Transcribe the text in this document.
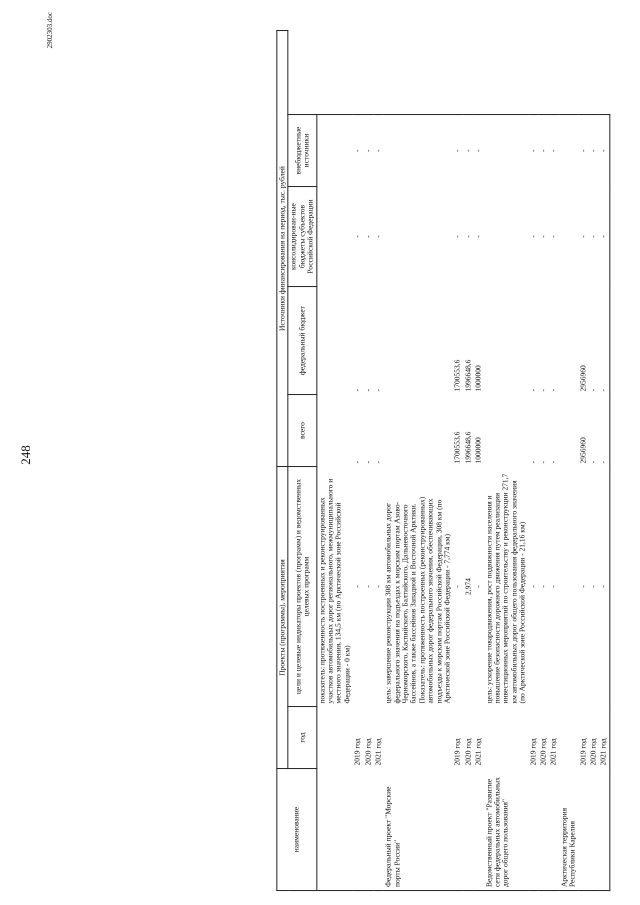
248
2902303.doc
наименование	Проекты (программы), мероприятия		Источники финансирования на период, тыс. рублей			
	год	цели и целевые индикаторы проектов (программ) и ведомственных целевых программ	всего	федеральный бюджет	консолидирован-ные бюджеты субъектов Российской Федерации	внебюджетные источники
		показатель: протяженность построенных и реконструированных участков автомобильных дорог регионального, межмуниципального и местного значения, 134,5 км (по Арктической зоне Российской Федерации - 0 км)				
	2019 год	-	-	-	-	-
	2020 год	-	-	-	-	-
	2021 год	-	-	-	-	-
Федеральный проект "Морские порты России"		цель: завершение реконструкции 308 км автомобильных дорог федерального значения на подъездах к морским портам Азово-Черноморского, Каспийского, Балтийского, Дальневосточного бассейнов, а также бассейнов Западной и Восточной Арктики. Показатель: протяженность построенных (реконструированных) автомобильных дорог федерального значения, обеспечивающих подъезды к морским портам Российской Федерации, 308 км (по Арктической зоне Российской Федерации - 7,774 км)				
	2019 год	-	1700553,6	1700553,6	-	-
	2020 год	2,974	1996648,6	1996648,6	-	-
	2021 год	-	1000000	1000000	-	-
Ведомственный проект "Развитие сети федеральных автомобильных дорог общего пользования"		цель: ускорение товародвижения, рост подвижности населения и повышение безопасности дорожного движения путем реализации инвестиционных мероприятий по строительству и реконструкции 271,7 км автомобильных дорог общего пользования федерального значения (по Арктической зоне Российской Федерации - 21,16 км)				
	2019 год	-	-	-	-	-
	2020 год	-	-	-	-	-
	2021 год	-	-	-	-	-
Арктическая территория Республики Карелия						
	2019 год	-	2956960	2956960	-	-
	2020 год	-	-	-	-	-
	2021 год	-	-	-	-	-
